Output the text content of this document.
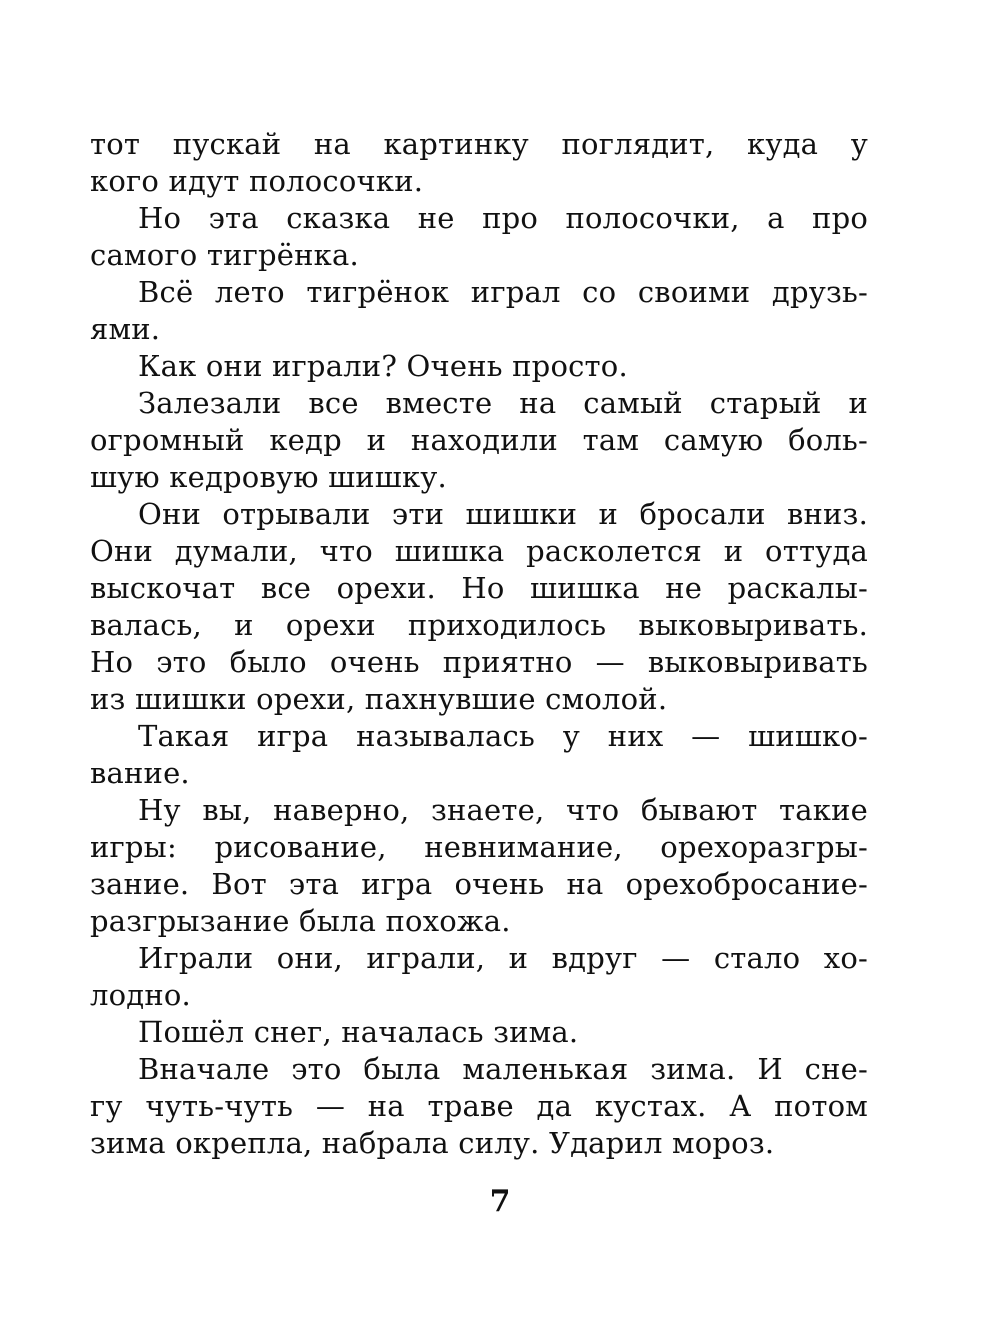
тот пускай на картинку поглядит, куда у
кого идут полосочки.
Но эта сказка не про полосочки, а про
самого тигрёнка.
Всё лето тигрёнок играл со своими друзь-
ями.
Как они играли? Очень просто.
Залезали все вместе на самый старый и
огромный кедр и находили там самую боль-
шую кедровую шишку.
Они отрывали эти шишки и бросали вниз.
Они думали, что шишка расколется и оттуда
выскочат все орехи. Но шишка не раскалы-
валась, и орехи приходилось выковыривать.
Но это было очень приятно — выковыривать
из шишки орехи, пахнувшие смолой.
Такая игра называлась у них — шишко-
вание.
Ну вы, наверно, знаете, что бывают такие
игры: рисование, невнимание, орехоразгры-
зание. Вот эта игра очень на орехобросание-
разгрызание была похожа.
Играли они, играли, и вдруг — стало хо-
лодно.
Пошёл снег, началась зима.
Вначале это была маленькая зима. И сне-
гу чуть-чуть — на траве да кустах. А потом
зима окрепла, набрала силу. Ударил мороз.
7
